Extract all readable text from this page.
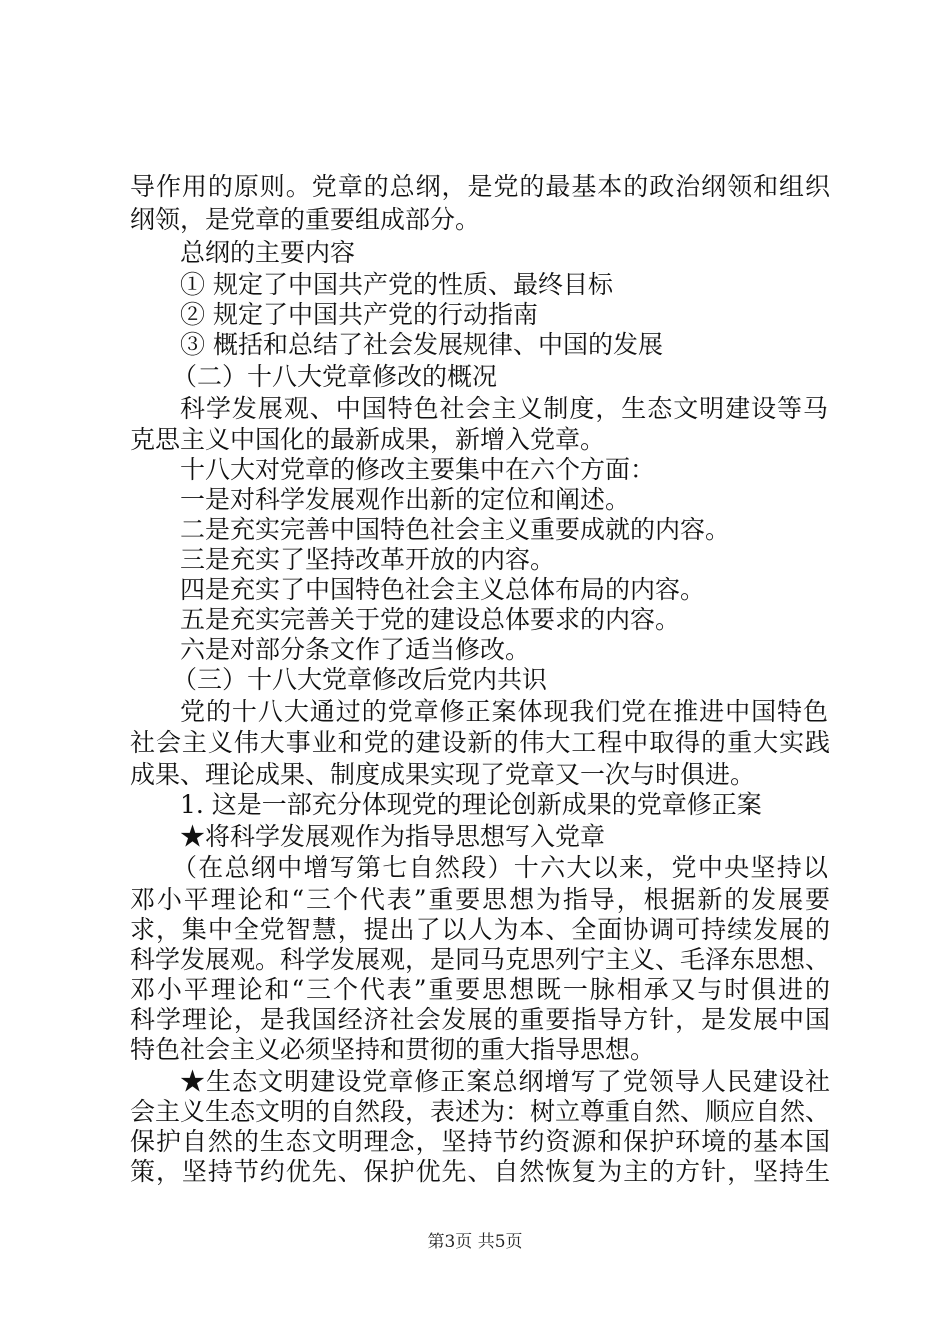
导作用的原则。党章的总纲，是党的最基本的政治纲领和组织
纲领，是党章的重要组成部分。
总纲的主要内容
① 规定了中国共产党的性质、最终目标
② 规定了中国共产党的行动指南
③ 概括和总结了社会发展规律、中国的发展
（二）十八大党章修改的概况
科学发展观、中国特色社会主义制度，生态文明建设等马
克思主义中国化的最新成果，新增入党章。
十八大对党章的修改主要集中在六个方面：
一是对科学发展观作出新的定位和阐述。
二是充实完善中国特色社会主义重要成就的内容。
三是充实了坚持改革开放的内容。
四是充实了中国特色社会主义总体布局的内容。
五是充实完善关于党的建设总体要求的内容。
六是对部分条文作了适当修改。
（三）十八大党章修改后党内共识
党的十八大通过的党章修正案体现我们党在推进中国特色
社会主义伟大事业和党的建设新的伟大工程中取得的重大实践
成果、理论成果、制度成果实现了党章又一次与时俱进。
1. 这是一部充分体现党的理论创新成果的党章修正案
★将科学发展观作为指导思想写入党章
（在总纲中增写第七自然段）十六大以来，党中央坚持以
邓小平理论和“三个代表”重要思想为指导，根据新的发展要
求，集中全党智慧，提出了以人为本、全面协调可持续发展的
科学发展观。科学发展观，是同马克思列宁主义、毛泽东思想、
邓小平理论和“三个代表”重要思想既一脉相承又与时俱进的
科学理论，是我国经济社会发展的重要指导方针，是发展中国
特色社会主义必须坚持和贯彻的重大指导思想。
★生态文明建设党章修正案总纲增写了党领导人民建设社
会主义生态文明的自然段，表述为：树立尊重自然、顺应自然、
保护自然的生态文明理念，坚持节约资源和保护环境的基本国
策，坚持节约优先、保护优先、自然恢复为主的方针，坚持生
第3页 共5页
